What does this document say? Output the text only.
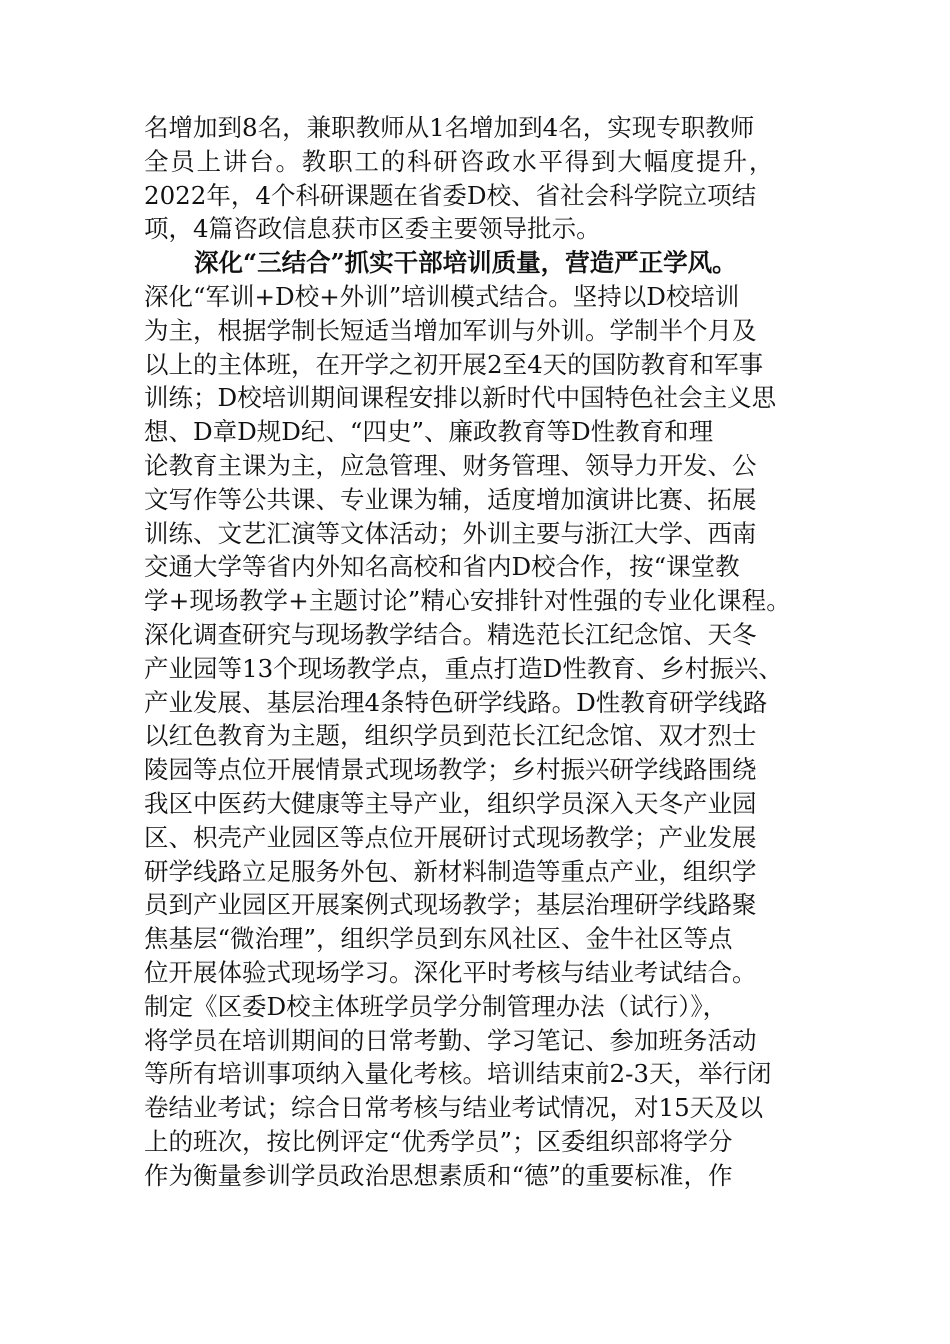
名增加到8名，兼职教师从1名增加到4名，实现专职教师
全员上讲台。教职工的科研咨政水平得到大幅度提升，
2022年，4个科研课题在省委D校、省社会科学院立项结
项，4篇咨政信息获市区委主要领导批示。
深化“三结合”抓实干部培训质量，营造严正学风。
深化“军训+D校+外训”培训模式结合。坚持以D校培训
为主，根据学制长短适当增加军训与外训。学制半个月及
以上的主体班，在开学之初开展2至4天的国防教育和军事
训练；D校培训期间课程安排以新时代中国特色社会主义思
想、D章D规D纪、“四史”、廉政教育等D性教育和理
论教育主课为主，应急管理、财务管理、领导力开发、公
文写作等公共课、专业课为辅，适度增加演讲比赛、拓展
训练、文艺汇演等文体活动；外训主要与浙江大学、西南
交通大学等省内外知名高校和省内D校合作，按“课堂教
学+现场教学+主题讨论”精心安排针对性强的专业化课程。
深化调查研究与现场教学结合。精选范长江纪念馆、天冬
产业园等13个现场教学点，重点打造D性教育、乡村振兴、
产业发展、基层治理4条特色研学线路。D性教育研学线路
以红色教育为主题，组织学员到范长江纪念馆、双才烈士
陵园等点位开展情景式现场教学；乡村振兴研学线路围绕
我区中医药大健康等主导产业，组织学员深入天冬产业园
区、枳壳产业园区等点位开展研讨式现场教学；产业发展
研学线路立足服务外包、新材料制造等重点产业，组织学
员到产业园区开展案例式现场教学；基层治理研学线路聚
焦基层“微治理”，组织学员到东风社区、金牛社区等点
位开展体验式现场学习。深化平时考核与结业考试结合。
制定《区委D校主体班学员学分制管理办法（试行）》，
将学员在培训期间的日常考勤、学习笔记、参加班务活动
等所有培训事项纳入量化考核。培训结束前2-3天，举行闭
卷结业考试；综合日常考核与结业考试情况，对15天及以
上的班次，按比例评定“优秀学员”；区委组织部将学分
作为衡量参训学员政治思想素质和“德”的重要标准，作
